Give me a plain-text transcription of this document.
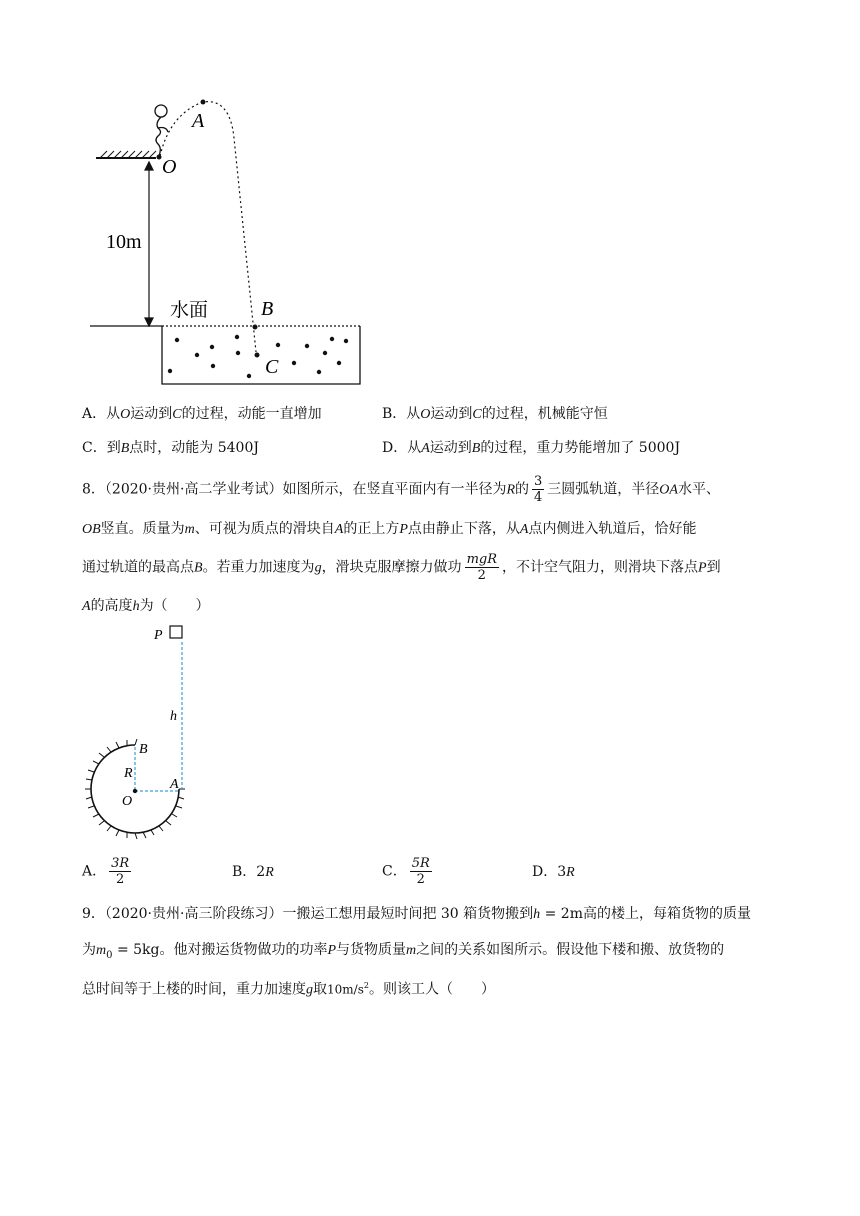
A
O
B
C
10m
水面
A．从O运动到C的过程，动能一直增加	B．从O运动到C的过程，机械能守恒
C．到B点时，动能为 5400J	D．从A运动到B的过程，重力势能增加了 5000J
8．（2020·贵州·高二学业考试）如图所示，在竖直平面内有一半径为R的 $\frac{3}{4}$ 三圆弧轨道，半径OA水平、
OB竖直。质量为m、可视为质点的滑块自A的正上方P点由静止下落，从A点内侧进入轨道后，恰好能
通过轨道的最高点B。若重力加速度为g，滑块克服摩擦力做功 $\frac{\text{mgR}}{2}$ ，不计空气阻力，则滑块下落点P到
A的高度h为（　　）
P
h
B
R
O
A
A． $\frac{3R}{2}$	B．2R	C． $\frac{5R}{2}$	D．3R
9．（2020·贵州·高三阶段练习）一搬运工想用最短时间把 30 箱货物搬到h = 2m高的楼上，每箱货物的质量
为$m_0 = 5kg$。他对搬运货物做功的功率P与货物质量m之间的关系如图所示。假设他下楼和搬、放货物的
总时间等于上楼的时间，重力加速度g取$10m/s^2$。则该工人（　　）
